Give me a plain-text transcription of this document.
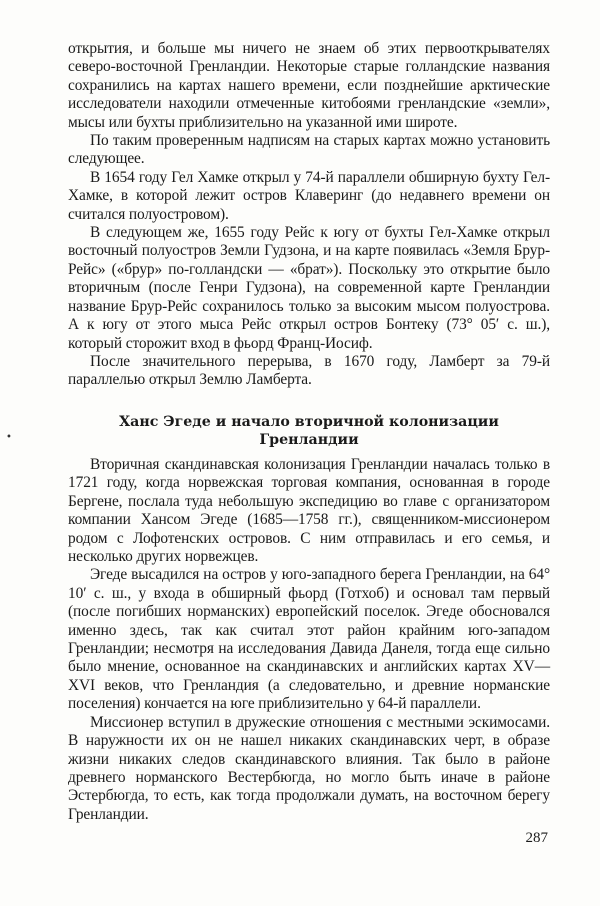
открытия, и больше мы ничего не знаем об этих первооткрывателях северо-восточной Гренландии. Некоторые старые голландские названия сохранились на картах нашего времени, если позднейшие арктические исследователи находили отмеченные китобоями гренландские «земли», мысы или бухты приблизительно на указанной ими широте.

По таким проверенным надписям на старых картах можно установить следующее.

В 1654 году Гел Хамке открыл у 74-й параллели обширную бухту Гел-Хамке, в которой лежит остров Клаверинг (до недавнего времени он считался полуостровом).

В следующем же, 1655 году Рейс к югу от бухты Гел-Хамке открыл восточный полуостров Земли Гудзона, и на карте появилась «Земля Брур-Рейс» («брур» по-голландски — «брат»). Поскольку это открытие было вторичным (после Генри Гудзона), на современной карте Гренландии название Брур-Рейс сохранилось только за высоким мысом полуострова. А к югу от этого мыса Рейс открыл остров Бонтеку (73° 05′ с. ш.), который сторожит вход в фьорд Франц-Иосиф.

После значительного перерыва, в 1670 году, Ламберт за 79-й параллелью открыл Землю Ламберта.

•
Ханс Эгеде и начало вторичной колонизации
Гренландии

Вторичная скандинавская колонизация Гренландии началась только в 1721 году, когда норвежская торговая компания, основанная в городе Бергене, послала туда небольшую экспедицию во главе с организатором компании Хансом Эгеде (1685—1758 гг.), священником-миссионером родом с Лофотенских островов. С ним отправилась и его семья, и несколько других норвежцев.

Эгеде высадился на остров у юго-западного берега Гренландии, на 64° 10′ с. ш., у входа в обширный фьорд (Готхоб) и основал там первый (после погибших норманских) европейский поселок. Эгеде обосновался именно здесь, так как считал этот район крайним юго-западом Гренландии; несмотря на исследования Давида Данеля, тогда еще сильно было мнение, основанное на скандинавских и английских картах XV—XVI веков, что Гренландия (а следовательно, и древние норманские поселения) кончается на юге приблизительно у 64-й параллели.

Миссионер вступил в дружеские отношения с местными эскимосами. В наружности их он не нашел никаких скандинавских черт, в образе жизни никаких следов скандинавского влияния. Так было в районе древнего норманского Вестербюгда, но могло быть иначе в районе Эстербюгда, то есть, как тогда продолжали думать, на восточном берегу Гренландии.

287
